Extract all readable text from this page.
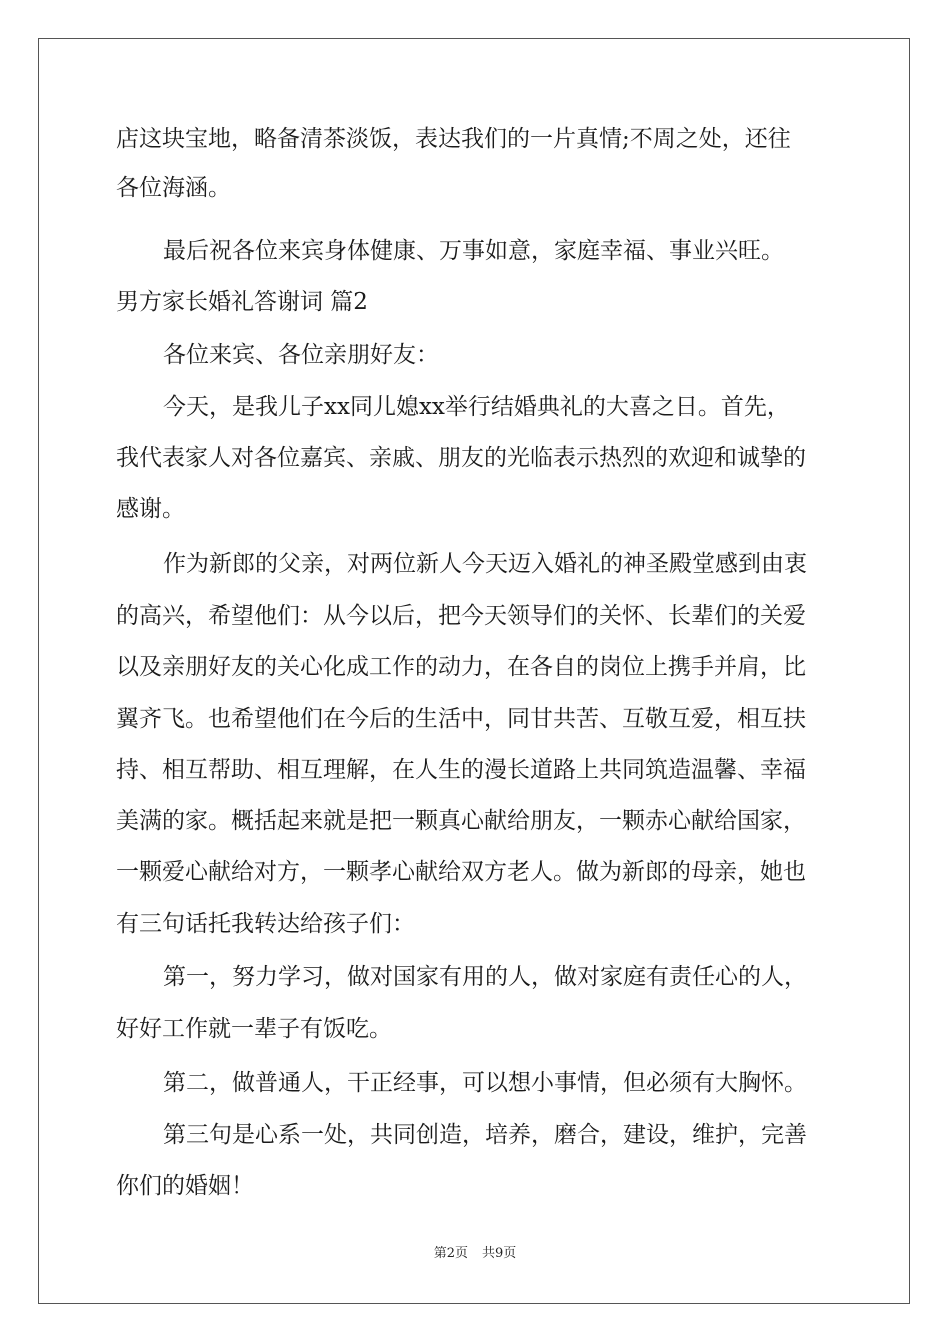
店这块宝地，略备清茶淡饭，表达我们的一片真情;不周之处，还往
各位海涵。
最后祝各位来宾身体健康、万事如意，家庭幸福、事业兴旺。
男方家长婚礼答谢词 篇2
各位来宾、各位亲朋好友：
今天，是我儿子xx同儿媳xx举行结婚典礼的大喜之日。首先，
我代表家人对各位嘉宾、亲戚、朋友的光临表示热烈的欢迎和诚挚的
感谢。
作为新郎的父亲，对两位新人今天迈入婚礼的神圣殿堂感到由衷
的高兴，希望他们：从今以后，把今天领导们的关怀、长辈们的关爱
以及亲朋好友的关心化成工作的动力，在各自的岗位上携手并肩，比
翼齐飞。也希望他们在今后的生活中，同甘共苦、互敬互爱，相互扶
持、相互帮助、相互理解，在人生的漫长道路上共同筑造温馨、幸福
美满的家。概括起来就是把一颗真心献给朋友，一颗赤心献给国家，
一颗爱心献给对方，一颗孝心献给双方老人。做为新郎的母亲，她也
有三句话托我转达给孩子们：
第一，努力学习，做对国家有用的人，做对家庭有责任心的人，
好好工作就一辈子有饭吃。
第二，做普通人，干正经事，可以想小事情，但必须有大胸怀。
第三句是心系一处，共同创造，培养，磨合，建设，维护，完善
你们的婚姻！
第2页 共9页
